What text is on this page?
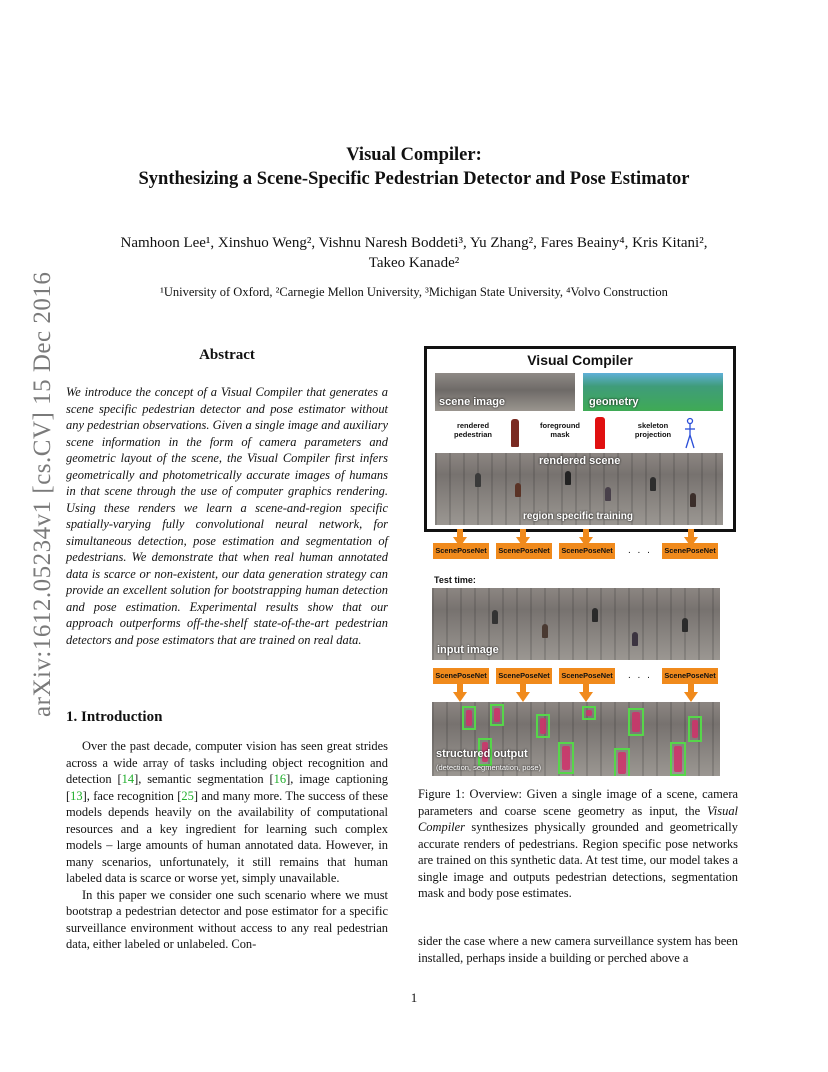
Visual Compiler:
Synthesizing a Scene-Specific Pedestrian Detector and Pose Estimator
Namhoon Lee¹, Xinshuo Weng², Vishnu Naresh Boddeti³, Yu Zhang², Fares Beainy⁴, Kris Kitani²,
Takeo Kanade²
¹University of Oxford, ²Carnegie Mellon University, ³Michigan State University, ⁴Volvo Construction
arXiv:1612.05234v1 [cs.CV] 15 Dec 2016	Abstract
We introduce the concept of a Visual Compiler that generates a scene specific pedestrian detector and pose estimator without any pedestrian observations. Given a single image and auxiliary scene information in the form of camera parameters and geometric layout of the scene, the Visual Compiler first infers geometrically and photometrically accurate images of humans in that scene through the use of computer graphics rendering. Using these renders we learn a scene-and-region specific spatially-varying fully convolutional neural network, for simultaneous detection, pose estimation and segmentation of pedestrians. We demonstrate that when real human annotated data is scarce or non-existent, our data generation strategy can provide an excellent solution for bootstrapping human detection and pose estimation. Experimental results show that our approach outperforms off-the-shelf state-of-the-art pedestrian detectors and pose estimators that are trained on real data.
1. Introduction

Over the past decade, computer vision has seen great strides across a wide array of tasks including object recognition and detection [14], semantic segmentation [16], image captioning [13], face recognition [25] and many more. The success of these models depends heavily on the availability of computational resources and a key ingredient for learning such complex models – large amounts of human annotated data. However, in many scenarios, unfortunately, it still remains that human labeled data is scarce or worse yet, simply unavailable.

In this paper we consider one such scenario where we must bootstrap a pedestrian detector and pose estimator for a specific surveillance environment without access to any real pedestrian data, either labeled or unlabeled. Con-

Visual Compiler
scene image	geometry
rendered pedestrian
foreground mask
skeleton projection
rendered scene
region specific training
ScenePoseNet	ScenePoseNet	ScenePoseNet . . .	ScenePoseNet
Test time:
input image
ScenePoseNet	ScenePoseNet	ScenePoseNet . . .	ScenePoseNet
structured output
(detection, segmentation, pose)
Figure 1: Overview: Given a single image of a scene, camera parameters and coarse scene geometry as input, the Visual Compiler synthesizes physically grounded and geometrically accurate renders of pedestrians. Region specific pose networks are trained on this synthetic data. At test time, our model takes a single image and outputs pedestrian detections, segmentation mask and body pose estimates.
sider the case where a new camera surveillance system has been installed, perhaps inside a building or perched above a
1
